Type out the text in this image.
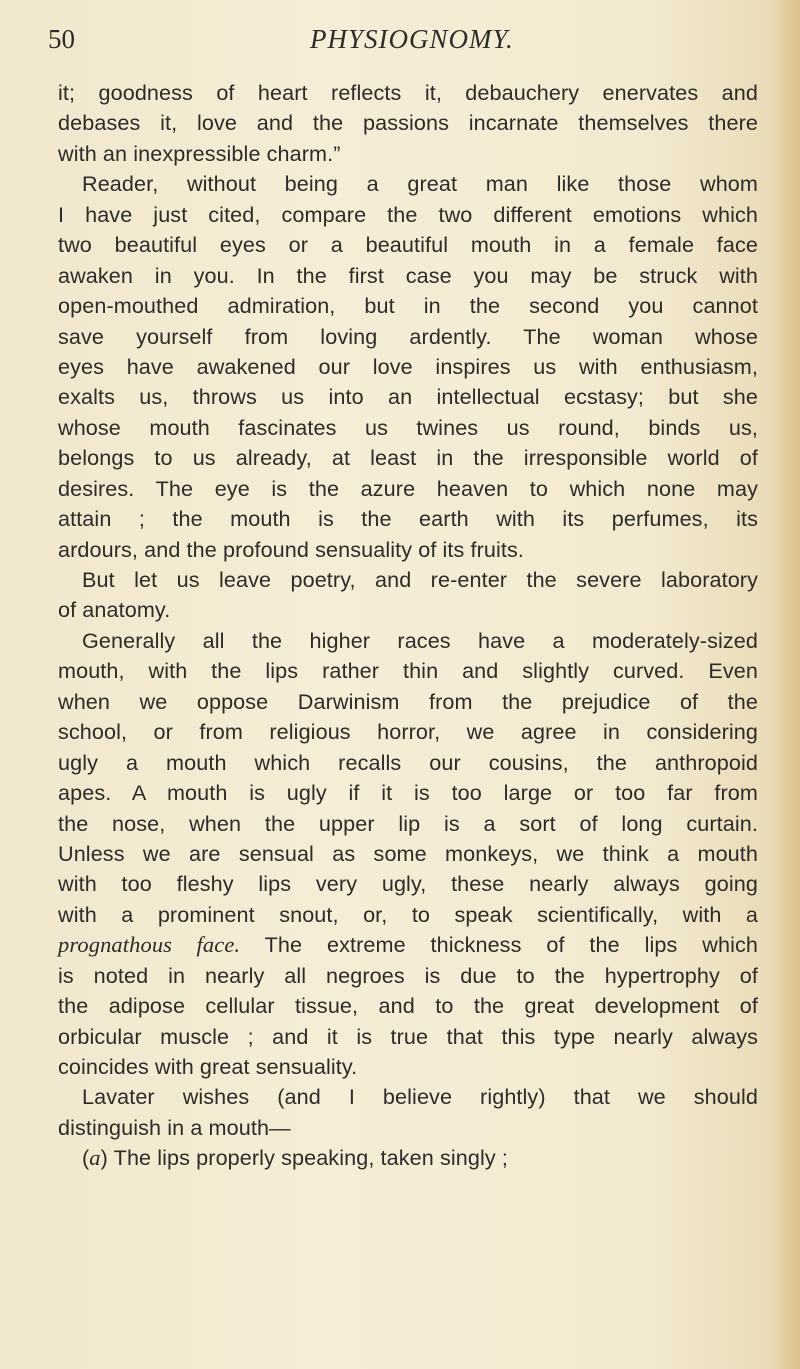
50	PHYSIOGNOMY.
it; goodness of heart reflects it, debauchery enervates and
debases it, love and the passions incarnate themselves there
with an inexpressible charm.”
Reader, without being a great man like those whom
I have just cited, compare the two different emotions which
two beautiful eyes or a beautiful mouth in a female face
awaken in you. In the first case you may be struck with
open-mouthed admiration, but in the second you cannot
save yourself from loving ardently. The woman whose
eyes have awakened our love inspires us with enthusiasm,
exalts us, throws us into an intellectual ecstasy; but she
whose mouth fascinates us twines us round, binds us,
belongs to us already, at least in the irresponsible world of
desires. The eye is the azure heaven to which none may
attain ; the mouth is the earth with its perfumes, its
ardours, and the profound sensuality of its fruits.
But let us leave poetry, and re-enter the severe laboratory
of anatomy.
Generally all the higher races have a moderately-sized
mouth, with the lips rather thin and slightly curved. Even
when we oppose Darwinism from the prejudice of the
school, or from religious horror, we agree in considering
ugly a mouth which recalls our cousins, the anthropoid
apes. A mouth is ugly if it is too large or too far from
the nose, when the upper lip is a sort of long curtain.
Unless we are sensual as some monkeys, we think a mouth
with too fleshy lips very ugly, these nearly always going
with a prominent snout, or, to speak scientifically, with a
prognathous face. The extreme thickness of the lips which
is noted in nearly all negroes is due to the hypertrophy of
the adipose cellular tissue, and to the great development of
orbicular muscle ; and it is true that this type nearly always
coincides with great sensuality.
Lavater wishes (and I believe rightly) that we should
distinguish in a mouth—
(a) The lips properly speaking, taken singly ;
